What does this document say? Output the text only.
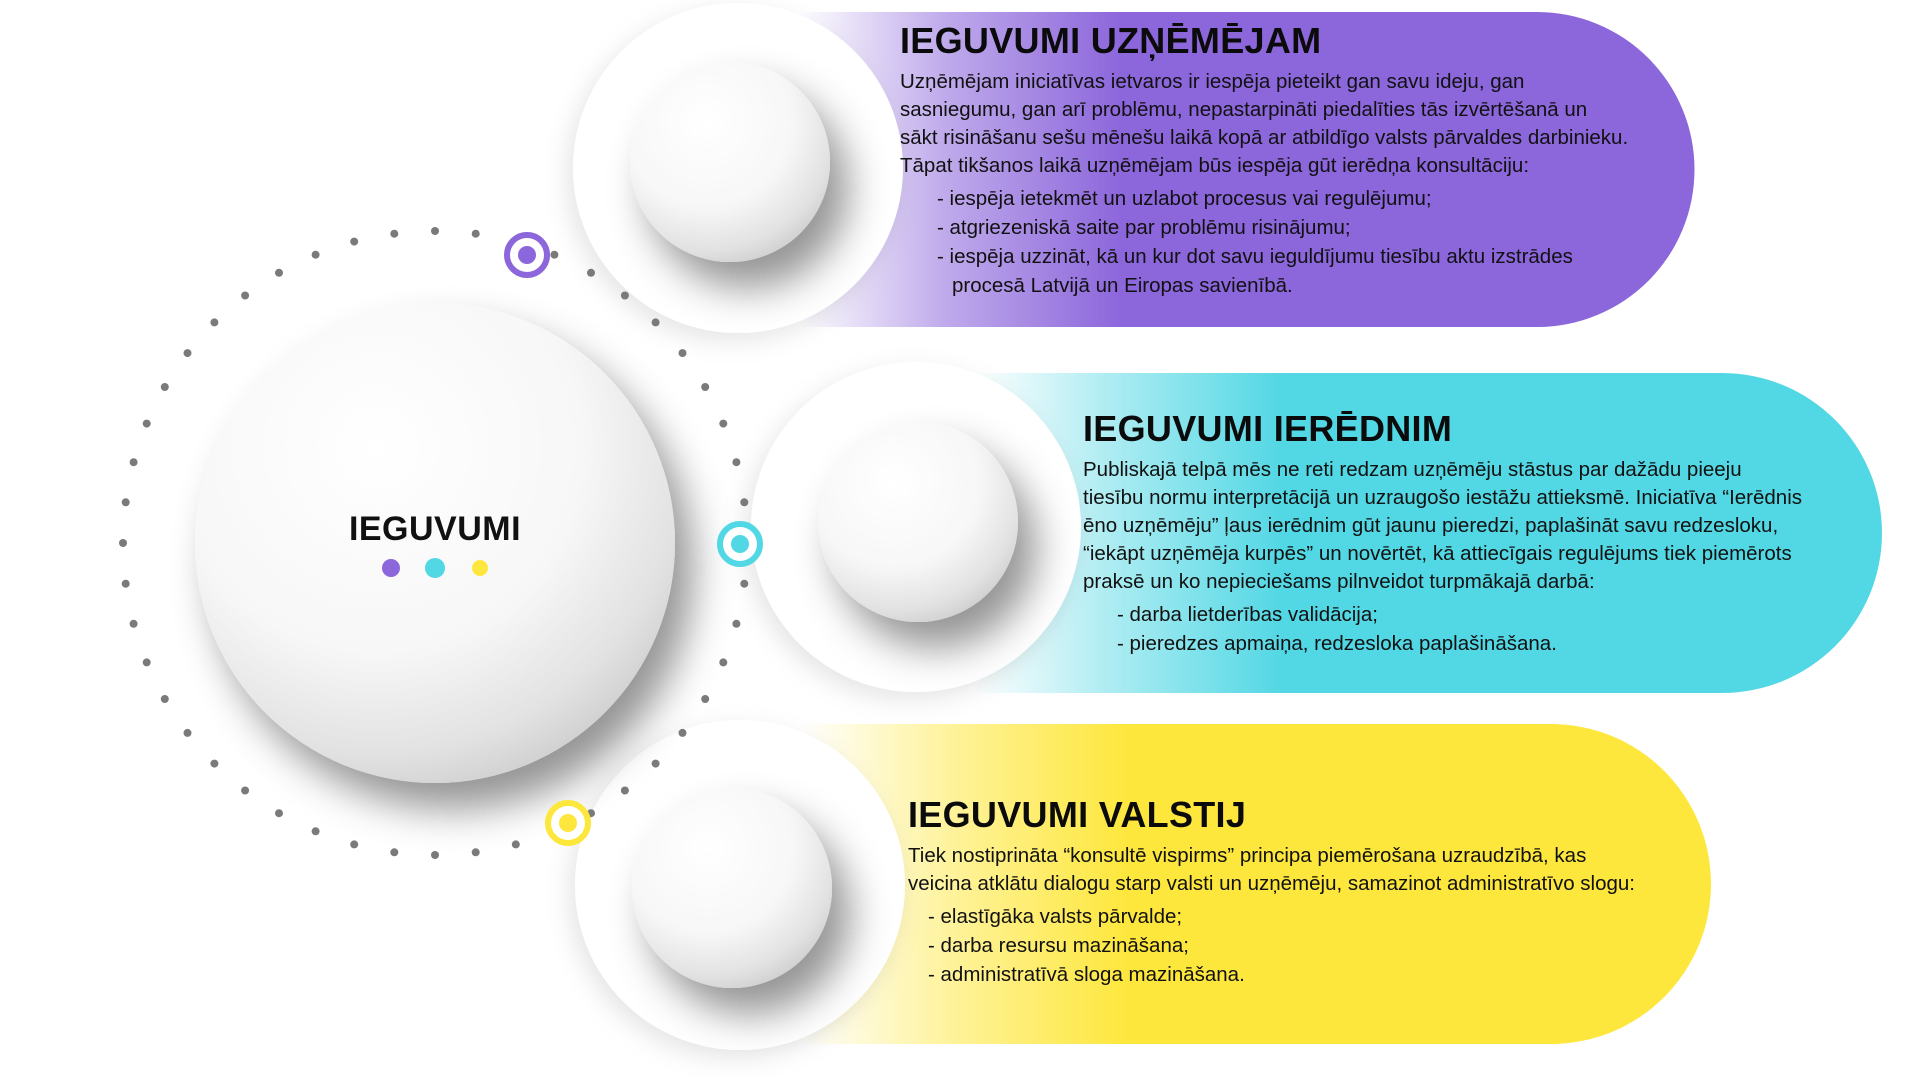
IEGUVUMI
IEGUVUMI UZŅĒMĒJAM

Uzņēmējam iniciatīvas ietvaros ir iespēja pieteikt gan savu ideju, gan
sasniegumu, gan arī problēmu, nepastarpināti piedalīties tās izvērtēšanā un
sākt risināšanu sešu mēnešu laikā kopā ar atbildīgo valsts pārvaldes darbinieku.
Tāpat tikšanos laikā uzņēmējam būs iespēja gūt ierēdņa konsultāciju:

- iespēja ietekmēt un uzlabot procesus vai regulējumu;
- atgriezeniskā saite par problēmu risinājumu;
- iespēja uzzināt, kā un kur dot savu ieguldījumu tiesību aktu izstrādes
procesā Latvijā un Eiropas savienībā.
IEGUVUMI IERĒDNIM

Publiskajā telpā mēs ne reti redzam uzņēmēju stāstus par dažādu pieeju
tiesību normu interpretācijā un uzraugošo iestāžu attieksmē. Iniciatīva “Ierēdnis
ēno uzņēmēju” ļaus ierēdnim gūt jaunu pieredzi, paplašināt savu redzesloku,
“iekāpt uzņēmēja kurpēs” un novērtēt, kā attiecīgais regulējums tiek piemērots
praksē un ko nepieciešams pilnveidot turpmākajā darbā:

- darba lietderības validācija;
- pieredzes apmaiņa, redzesloka paplašināšana.
IEGUVUMI VALSTIJ

Tiek nostiprināta “konsultē vispirms” principa piemērošana uzraudzībā, kas
veicina atklātu dialogu starp valsti un uzņēmēju, samazinot administratīvo slogu:

- elastīgāka valsts pārvalde;
- darba resursu mazināšana;
- administratīvā sloga mazināšana.
